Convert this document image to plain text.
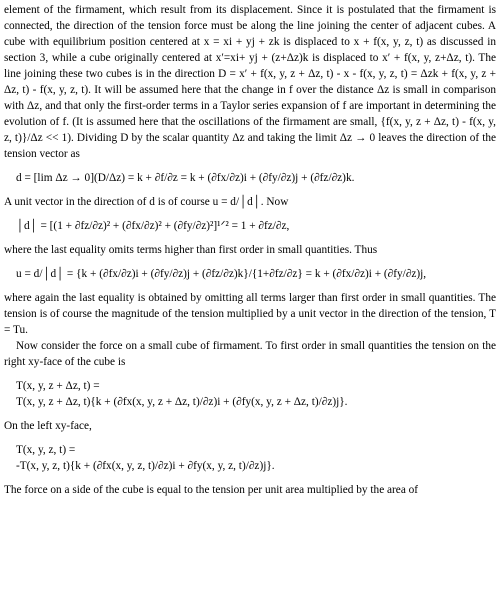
element of the firmament, which result from its displacement. Since it is postulated that the firmament is connected, the direction of the tension force must be along the line joining the center of adjacent cubes. A cube with equilibrium position centered at x = xi + yj + zk is displaced to x + f(x, y, z, t) as discussed in section 3, while a cube originally centered at x′=xi+ yj + (z+Δz)k is displaced to x′ + f(x, y, z+Δz, t). The line joining these two cubes is in the direction D = x′ + f(x, y, z + Δz, t) - x - f(x, y, z, t) = Δzk + f(x, y, z + Δz, t) - f(x, y, z, t). It will be assumed here that the change in f over the distance Δz is small in comparison with Δz, and that only the first-order terms in a Taylor series expansion of f are important in determining the evolution of f. (It is assumed here that the oscillations of the firmament are small, {f(x, y, z + Δz, t) - f(x, y, z, t)}/Δz << 1). Dividing D by the scalar quantity Δz and taking the limit Δz → 0 leaves the direction of the tension vector as

d = [lim Δz → 0](D/Δz) = k + ∂f/∂z = k + (∂fx/∂z)i + (∂fy/∂z)j + (∂fz/∂z)k.

A unit vector in the direction of d is of course u = d/│d│. Now

│d│ = [(1 + ∂fz/∂z)² + (∂fx/∂z)² + (∂fy/∂z)²]¹ᐟ² = 1 + ∂fz/∂z,

where the last equality omits terms higher than first order in small quantities. Thus

u = d/│d│ = {k + (∂fx/∂z)i + (∂fy/∂z)j + (∂fz/∂z)k}/{1+∂fz/∂z} = k + (∂fx/∂z)i + (∂fy/∂z)j,

where again the last equality is obtained by omitting all terms larger than first order in small quantities. The tension is of course the magnitude of the tension multiplied by a unit vector in the direction of the tension, T = Tu.

Now consider the force on a small cube of firmament. To first order in small quantities the tension on the right xy-face of the cube is

T(x, y, z + Δz, t) =
T(x, y, z + Δz, t){k + (∂fx(x, y, z + Δz, t)/∂z)i + (∂fy(x, y, z + Δz, t)/∂z)j}.

On the left xy-face,

T(x, y, z, t) =
-T(x, y, z, t){k + (∂fx(x, y, z, t)/∂z)i + ∂fy(x, y, z, t)/∂z)j}.

The force on a side of the cube is equal to the tension per unit area multiplied by the area of
